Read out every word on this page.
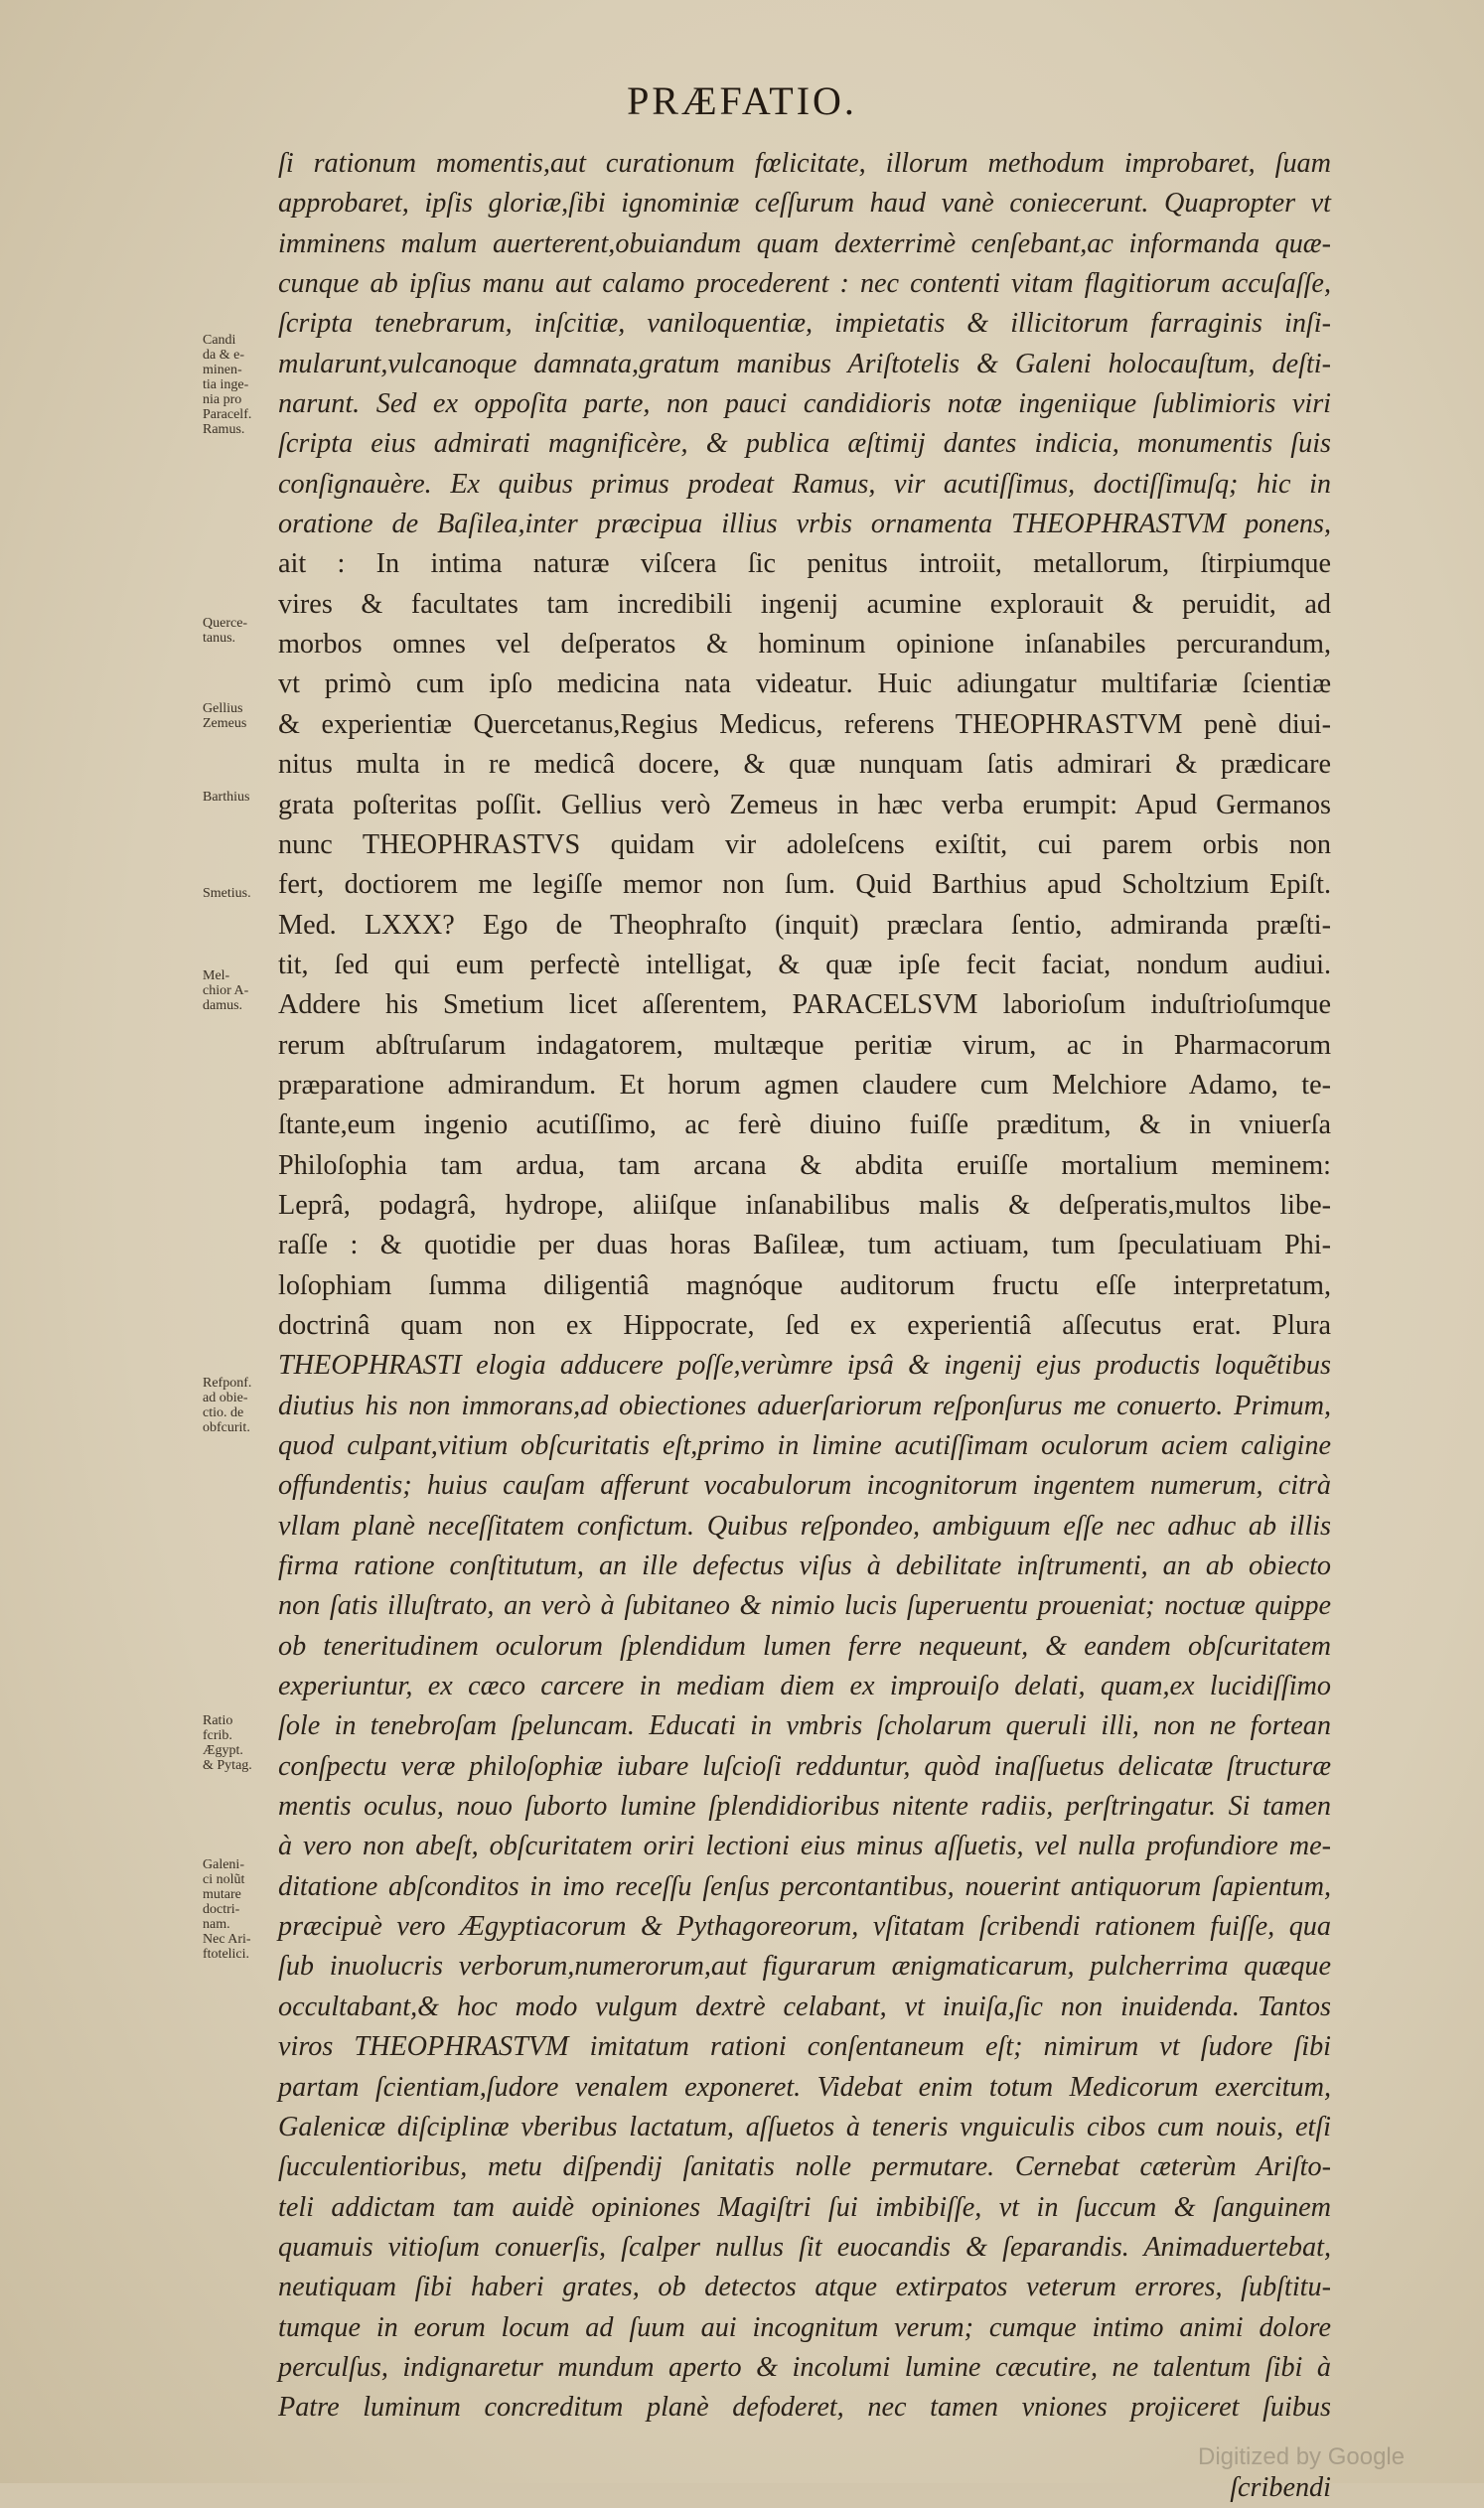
PRÆFATIO.
ſi rationum momentis,aut curationum fœlicitate, illorum methodum improbaret, ſuam
approbaret, ipſis gloriæ,ſibi ignominiæ ceſſurum haud vanè coniecerunt. Quapropter vt
imminens malum auerterent,obuiandum quam dexterrimè cenſebant,ac informanda quæ-
cunque ab ipſius manu aut calamo procederent : nec contenti vitam flagitiorum accuſaſſe,
ſcripta tenebrarum, inſcitiæ, vaniloquentiæ, impietatis & illicitorum farraginis inſi-
mularunt,vulcanoque damnata,gratum manibus Ariſtotelis & Galeni holocauſtum, deſti-
narunt. Sed ex oppoſita parte, non pauci candidioris notæ ingeniique ſublimioris viri
ſcripta eius admirati magnificère, & publica æſtimij dantes indicia, monumentis ſuis
conſignauère. Ex quibus primus prodeat Ramus, vir acutiſſimus, doctiſſimuſq; hic in
oratione de Baſilea,inter præcipua illius vrbis ornamenta THEOPHRASTVM ponens,
ait : In intima naturæ viſcera ſic penitus introiit, metallorum, ſtirpiumque
vires & facultates tam incredibili ingenij acumine explorauit & peruidit, ad
morbos omnes vel deſperatos & hominum opinione inſanabiles percurandum,
vt primò cum ipſo medicina nata videatur. Huic adiungatur multifariæ ſcientiæ
& experientiæ Quercetanus,Regius Medicus, referens THEOPHRASTVM penè diui-
nitus multa in re medicâ docere, & quæ nunquam ſatis admirari & prædicare
grata poſteritas poſſit. Gellius verò Zemeus in hæc verba erumpit: Apud Germanos
nunc THEOPHRASTVS quidam vir adoleſcens exiſtit, cui parem orbis non
fert, doctiorem me legiſſe memor non ſum. Quid Barthius apud Scholtzium Epiſt.
Med. LXXX? Ego de Theophraſto (inquit) præclara ſentio, admiranda præſti-
tit, ſed qui eum perfectè intelligat, & quæ ipſe fecit faciat, nondum audiui.
Addere his Smetium licet aſſerentem, PARACELSVM laborioſum induſtrioſumque
rerum abſtruſarum indagatorem, multæque peritiæ virum, ac in Pharmacorum
præparatione admirandum. Et horum agmen claudere cum Melchiore Adamo, te-
ſtante,eum ingenio acutiſſimo, ac ferè diuino fuiſſe præditum, & in vniuerſa
Philoſophia tam ardua, tam arcana & abdita eruiſſe mortalium meminem:
Leprâ, podagrâ, hydrope, aliiſque inſanabilibus malis & deſperatis,multos libe-
raſſe : & quotidie per duas horas Baſileæ, tum actiuam, tum ſpeculatiuam Phi-
loſophiam ſumma diligentiâ magnóque auditorum fructu eſſe interpretatum,
doctrinâ quam non ex Hippocrate, ſed ex experientiâ aſſecutus erat. Plura
THEOPHRASTI elogia adducere poſſe,verùmre ipsâ & ingenij ejus productis loquẽtibus
diutius his non immorans,ad obiectiones aduerſariorum reſponſurus me conuerto. Primum,
quod culpant,vitium obſcuritatis eſt,primo in limine acutiſſimam oculorum aciem caligine
offundentis; huius cauſam afferunt vocabulorum incognitorum ingentem numerum, citrà
vllam planè neceſſitatem confictum. Quibus reſpondeo, ambiguum eſſe nec adhuc ab illis
firma ratione conſtitutum, an ille defectus viſus à debilitate inſtrumenti, an ab obiecto
non ſatis illuſtrato, an verò à ſubitaneo & nimio lucis ſuperuentu proueniat; noctuæ quippe
ob teneritudinem oculorum ſplendidum lumen ferre nequeunt, & eandem obſcuritatem
experiuntur, ex cæco carcere in mediam diem ex improuiſo delati, quam,ex lucidiſſimo
ſole in tenebroſam ſpeluncam. Educati in vmbris ſcholarum queruli illi, non ne fortean
conſpectu veræ philoſophiæ iubare luſcioſi redduntur, quòd inaſſuetus delicatæ ſtructuræ
mentis oculus, nouo ſuborto lumine ſplendidioribus nitente radiis, perſtringatur. Si tamen
à vero non abeſt, obſcuritatem oriri lectioni eius minus aſſuetis, vel nulla profundiore me-
ditatione abſconditos in imo receſſu ſenſus percontantibus, nouerint antiquorum ſapientum,
præcipuè vero Ægyptiacorum & Pythagoreorum, vſitatam ſcribendi rationem fuiſſe, qua
ſub inuolucris verborum,numerorum,aut figurarum ænigmaticarum, pulcherrima quæque
occultabant,& hoc modo vulgum dextrè celabant, vt inuiſa,ſic non inuidenda. Tantos
viros THEOPHRASTVM imitatum rationi conſentaneum eſt; nimirum vt ſudore ſibi
partam ſcientiam,ſudore venalem exponeret. Videbat enim totum Medicorum exercitum,
Galenicæ diſciplinæ vberibus lactatum, aſſuetos à teneris vnguiculis cibos cum nouis, etſi
ſucculentioribus, metu diſpendij ſanitatis nolle permutare. Cernebat cæterùm Ariſto-
teli addictam tam auidè opiniones Magiſtri ſui imbibiſſe, vt in ſuccum & ſanguinem
quamuis vitioſum conuerſis, ſcalper nullus ſit euocandis & ſeparandis. Animaduertebat,
neutiquam ſibi haberi grates, ob detectos atque extirpatos veterum errores, ſubſtitu-
tumque in eorum locum ad ſuum aui incognitum verum; cumque intimo animi dolore
perculſus, indignaretur mundum aperto & incolumi lumine cæcutire, ne talentum ſibi à
Patre luminum concreditum planè defoderet, nec tamen vniones projiceret ſuibus
ſcribendi
Candi
da & e-
minen-
tia inge-
nia pro
Paracelf.
Ramus.
Querce-
tanus.
Gellius
Zemeus
Barthius
Smetius.
Mel-
chior A-
damus.
Refponf.
ad obie-
ctio. de
obfcurit.
Ratio
fcrib.
Ægypt.
& Pytag.
Galeni-
ci nolũt
mutare
doctri-
nam.
Nec Ari-
ftotelici.
Digitized by Google
